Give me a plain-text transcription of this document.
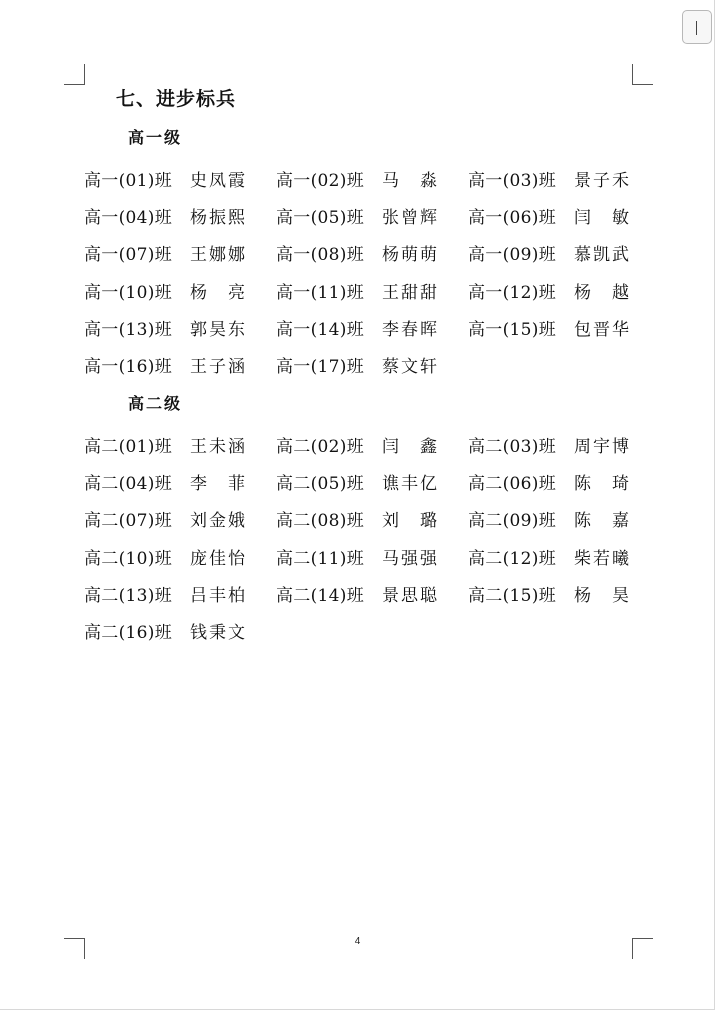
七、进步标兵
高一级
高一(01)班	史凤霞 高一(02)班	马 淼 高一(03)班	景子禾
高一(04)班	杨振熙 高一(05)班	张曾辉 高一(06)班	闫 敏
高一(07)班	王娜娜 高一(08)班	杨萌萌 高一(09)班	慕凯武
高一(10)班	杨 亮 高一(11)班	王甜甜 高一(12)班	杨 越
高一(13)班	郭昊东 高一(14)班	李春晖 高一(15)班	包晋华
高一(16)班	王子涵 高一(17)班	蔡文轩
高二级
高二(01)班	王未涵 高二(02)班	闫 鑫 高二(03)班	周宇博
高二(04)班	李 菲 高二(05)班	谯丰亿 高二(06)班	陈 琦
高二(07)班	刘金娥 高二(08)班	刘 璐 高二(09)班	陈 嘉
高二(10)班	庞佳怡 高二(11)班	马强强 高二(12)班	柴若曦
高二(13)班	吕丰柏 高二(14)班	景思聪 高二(15)班	杨 昊
高二(16)班	钱秉文
4
